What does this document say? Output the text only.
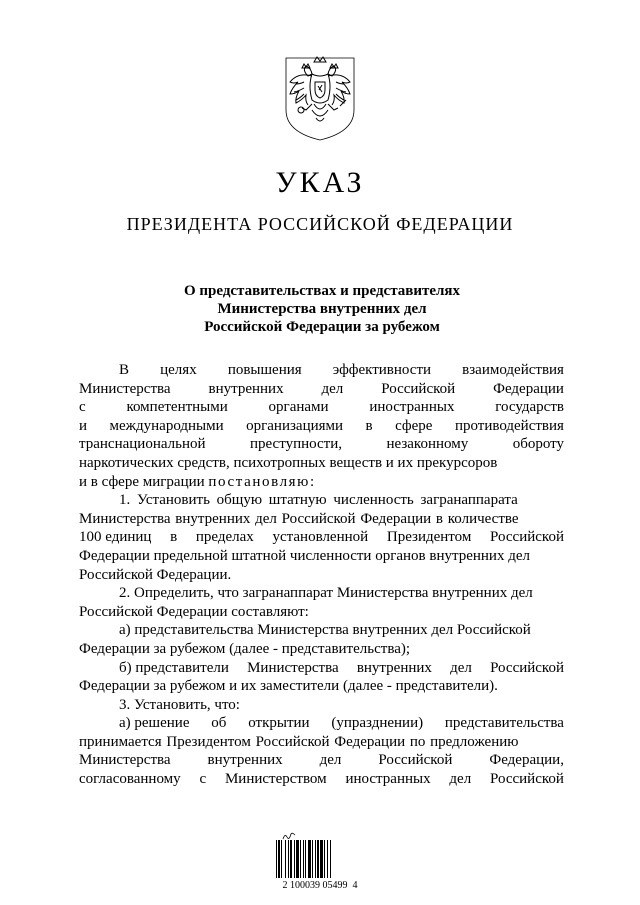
УКАЗ
ПРЕЗИДЕНТА РОССИЙСКОЙ ФЕДЕРАЦИИ
О представительствах и представителях
Министерства внутренних дел
Российской Федерации за рубежом
В целях повышения эффективности взаимодействия
Министерства	внутренних	дел	Российской	Федерации
с	компетентными	органами	иностранных	государств
и международными организациями в сфере противодействия
транснациональной	преступности,	незаконному	обороту
наркотических средств, психотропных веществ и их прекурсоров
и в сфере миграции постановляю:
1. Установить общую штатную численность загранаппарата
Министерства внутренних дел Российской Федерации в количестве
100 единиц в пределах установленной Президентом Российской
Федерации предельной штатной численности органов внутренних дел
Российской Федерации.
2. Определить, что загранаппарат Министерства внутренних дел
Российской Федерации составляют:
а) представительства Министерства внутренних дел Российской
Федерации за рубежом (далее - представительства);
б) представители Министерства внутренних дел Российской
Федерации за рубежом и их заместители (далее - представители).
3. Установить, что:
а) решение об открытии (упразднении) представительства
принимается Президентом Российской Федерации по предложению
Министерства внутренних дел Российской Федерации,
согласованному с Министерством иностранных дел Российской
2 100039 05499  4
